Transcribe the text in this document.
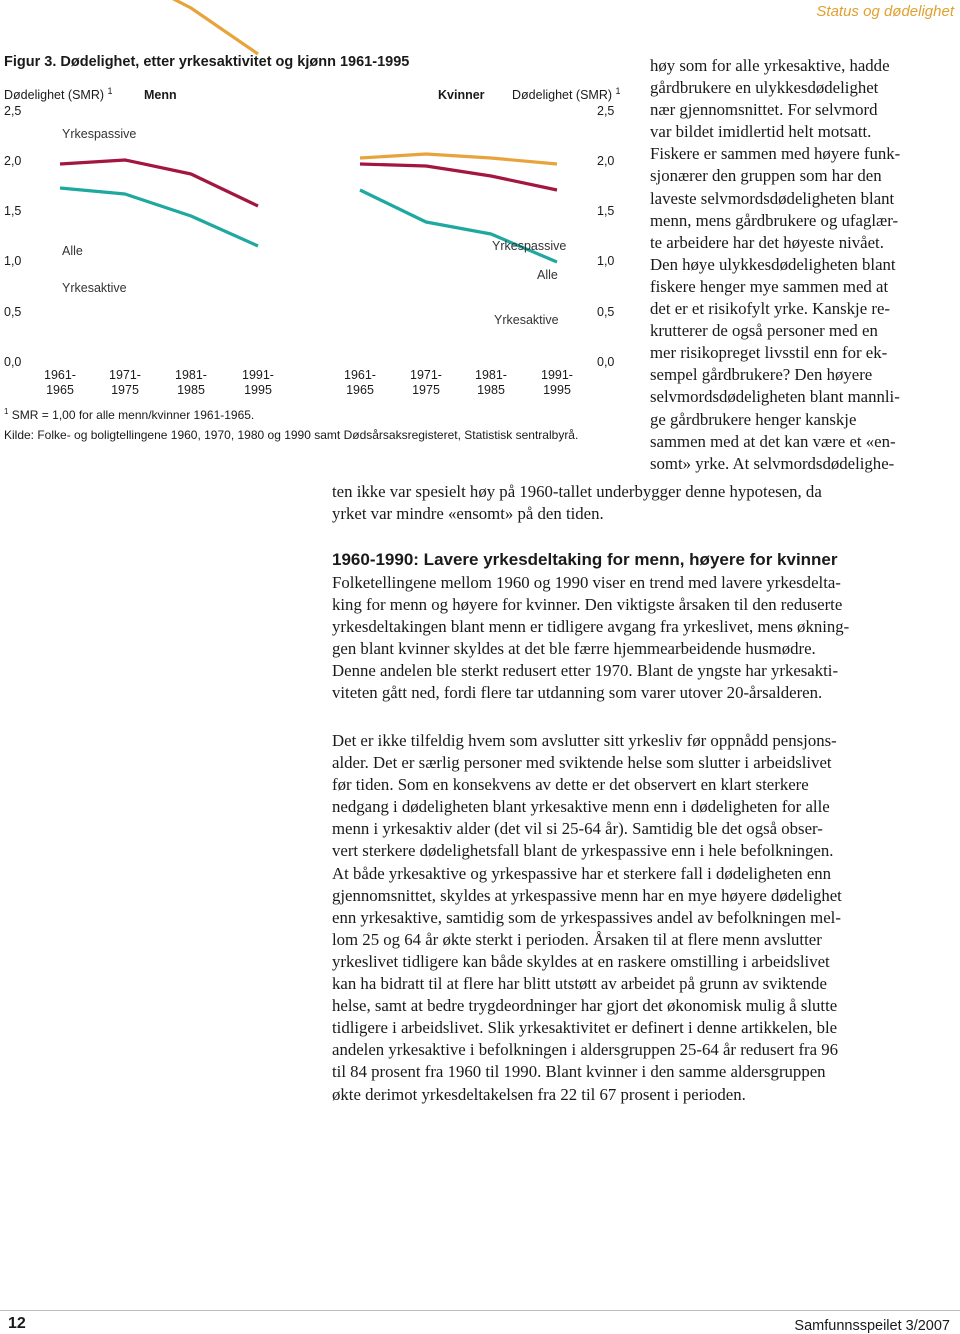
Status og dødelighet
Figur 3. Dødelighet, etter yrkesaktivitet og kjønn 1961-1995
Dødelighet (SMR) $^1$	Menn	Kvinner Dødelighet (SMR) $^1$
2,5
2,0
1,5
1,0
0,5
0,0
2,5
2,0
1,5
1,0
0,5
0,0
1961-
1965
1971-
1975
1981-
1985
1991-
1995
1961-
1965
1971-
1975
1981-
1985
1991-
1995
Yrkespassive
Alle
Yrkesaktive
Yrkespassive
Alle
Yrkesaktive
$^1$ SMR = 1,00 for alle menn/kvinner 1961-1965.
Kilde: Folke- og boligtellingene 1960, 1970, 1980 og 1990 samt Dødsårsaksregisteret, Statistisk sentralbyrå.
høy som for alle yrkesaktive, hadde
gårdbrukere en ulykkesdødelighet
nær gjennomsnittet. For selvmord
var bildet imidlertid helt motsatt.
Fiskere er sammen med høyere funk-
sjonærer den gruppen som har den
laveste selvmordsdødeligheten blant
menn, mens gårdbrukere og ufaglær-
te arbeidere har det høyeste nivået.
Den høye ulykkesdødeligheten blant
fiskere henger mye sammen med at
det er et risikofylt yrke. Kanskje re-
krutterer de også personer med en
mer risikopreget livsstil enn for ek-
sempel gårdbrukere? Den høyere
selvmordsdødeligheten blant mannli-
ge gårdbrukere henger kanskje
sammen med at det kan være et «en-
somt» yrke. At selvmordsdødelighe-
ten ikke var spesielt høy på 1960-tallet underbygger denne hypotesen, da
yrket var mindre «ensomt» på den tiden.
1960-1990: Lavere yrkesdeltaking for menn, høyere for kvinner
Folketellingene mellom 1960 og 1990 viser en trend med lavere yrkesdelta-
king for menn og høyere for kvinner. Den viktigste årsaken til den reduserte
yrkesdeltakingen blant menn er tidligere avgang fra yrkeslivet, mens økning-
gen blant kvinner skyldes at det ble færre hjemmearbeidende husmødre.
Denne andelen ble sterkt redusert etter 1970. Blant de yngste har yrkesakti-
viteten gått ned, fordi flere tar utdanning som varer utover 20-årsalderen.
Det er ikke tilfeldig hvem som avslutter sitt yrkesliv før oppnådd pensjons-
alder. Det er særlig personer med sviktende helse som slutter i arbeidslivet
før tiden. Som en konsekvens av dette er det observert en klart sterkere
nedgang i dødeligheten blant yrkesaktive menn enn i dødeligheten for alle
menn i yrkesaktiv alder (det vil si 25-64 år). Samtidig ble det også obser-
vert sterkere dødelighetsfall blant de yrkespassive enn i hele befolkningen.
At både yrkesaktive og yrkespassive har et sterkere fall i dødeligheten enn
gjennomsnittet, skyldes at yrkespassive menn har en mye høyere dødelighet
enn yrkesaktive, samtidig som de yrkespassives andel av befolkningen mel-
lom 25 og 64 år økte sterkt i perioden. Årsaken til at flere menn avslutter
yrkeslivet tidligere kan både skyldes at en raskere omstilling i arbeidslivet
kan ha bidratt til at flere har blitt utstøtt av arbeidet på grunn av sviktende
helse, samt at bedre trygdeordninger har gjort det økonomisk mulig å slutte
tidligere i arbeidslivet. Slik yrkesaktivitet er definert i denne artikkelen, ble
andelen yrkesaktive i befolkningen i aldersgruppen 25-64 år redusert fra 96
til 84 prosent fra 1960 til 1990. Blant kvinner i den samme aldersgruppen
økte derimot yrkesdeltakelsen fra 22 til 67 prosent i perioden.
12	Samfunnsspeilet 3/2007
